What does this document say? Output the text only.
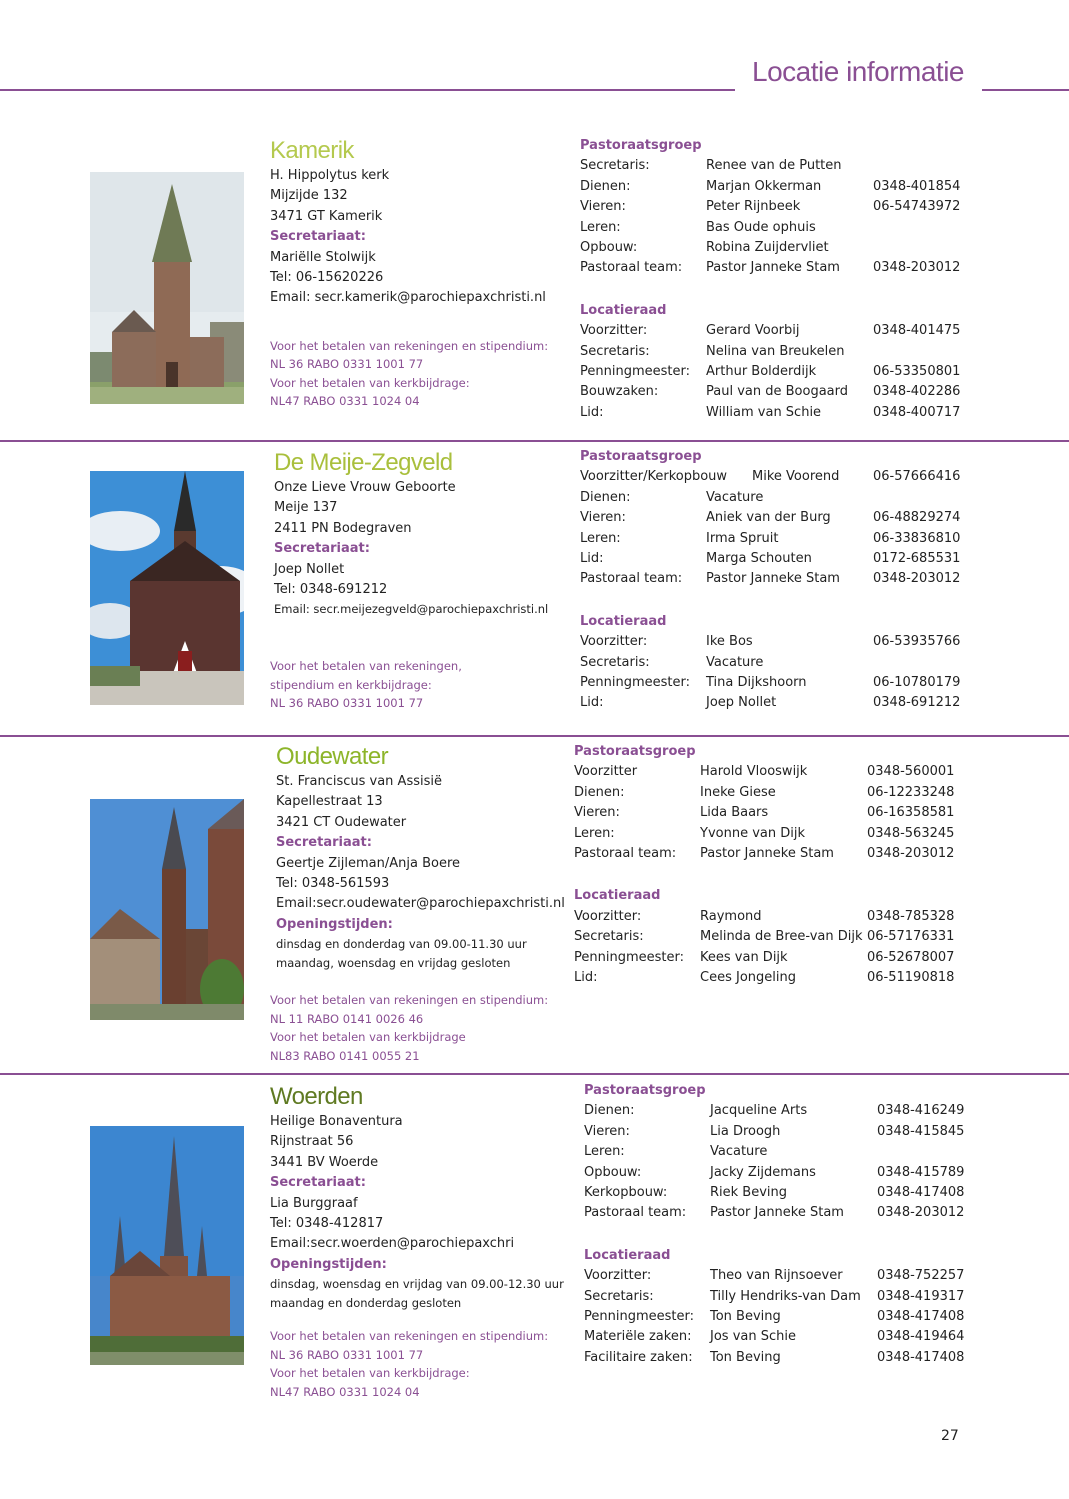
Locatie informatie
Kamerik
H. Hippolytus kerk
Mijzijde 132
3471 GT Kamerik
Secretariaat:
Mariëlle Stolwijk
Tel: 06-15620226
Email: secr.kamerik@parochiepaxchristi.nl
Voor het betalen van rekeningen en stipendium:
NL 36 RABO 0331 1001 77
Voor het betalen van kerkbijdrage:
NL47 RABO 0331 1024 04
Pastoraatsgroep
Secretaris:	Renee van de Putten
Dienen:	Marjan Okkerman	0348-401854
Vieren:	Peter Rijnbeek	06-54743972
Leren:	Bas Oude ophuis
Opbouw:	Robina Zuijdervliet
Pastoraal team: Pastor Janneke Stam	0348-203012
Locatieraad
Voorzitter:	Gerard Voorbij	0348-401475
Secretaris:	Nelina van Breukelen
Penningmeester: Arthur Bolderdijk	06-53350801
Bouwzaken:	Paul van de Boogaard 0348-402286
Lid:	William van Schie	0348-400717
De Meije-Zegveld
Onze Lieve Vrouw Geboorte
Meije 137
2411 PN Bodegraven
Secretariaat:
Joep Nollet
Tel: 0348-691212
Email: secr.meijezegveld@parochiepaxchristi.nl
Voor het betalen van rekeningen,
stipendium en kerkbijdrage:
NL 36 RABO 0331 1001 77
Pastoraatsgroep
Voorzitter/Kerkopbouw Mike Voorend	06-57666416
Dienen:	Vacature
Vieren:	Aniek van der Burg	06-48829274
Leren:	Irma Spruit	06-33836810
Lid:	Marga Schouten	0172-685531
Pastoraal team: Pastor Janneke Stam	0348-203012
Locatieraad
Voorzitter:	Ike Bos	06-53935766
Secretaris:	Vacature
Penningmeester: Tina Dijkshoorn	06-10780179
Lid:	Joep Nollet	0348-691212
Oudewater
St. Franciscus van Assisië
Kapellestraat 13
3421 CT Oudewater
Secretariaat:
Geertje Zijleman/Anja Boere
Tel: 0348-561593
Email:secr.oudewater@parochiepaxchristi.nl
Openingstijden:
dinsdag en donderdag van 09.00-11.30 uur
maandag, woensdag en vrijdag gesloten
Voor het betalen van rekeningen en stipendium:
NL 11 RABO 0141 0026 46
Voor het betalen van kerkbijdrage
NL83 RABO 0141 0055 21
Pastoraatsgroep
Voorzitter	Harold Vlooswijk	0348-560001
Dienen:	Ineke Giese	06-12233248
Vieren:	Lida Baars	06-16358581
Leren:	Yvonne van Dijk	0348-563245
Pastoraal team: Pastor Janneke Stam	0348-203012
Locatieraad
Voorzitter:	Raymond	0348-785328
Secretaris:	Melinda de Bree-van Dijk 06-57176331
Penningmeester: Kees van Dijk	06-52678007
Lid:	Cees Jongeling	06-51190818
Woerden
Heilige Bonaventura
Rijnstraat 56
3441 BV Woerde
Secretariaat:
Lia Burggraaf
Tel: 0348-412817
Email:secr.woerden@parochiepaxchri
Openingstijden:
dinsdag, woensdag en vrijdag van 09.00-12.30 uur
maandag en donderdag gesloten
Voor het betalen van rekeningen en stipendium:
NL 36 RABO 0331 1001 77
Voor het betalen van kerkbijdrage:
NL47 RABO 0331 1024 04
Pastoraatsgroep
Dienen:	Jacqueline Arts	0348-416249
Vieren:	Lia Droogh	0348-415845
Leren:	Vacature
Opbouw:	Jacky Zijdemans	0348-415789
Kerkopbouw:	Riek Beving	0348-417408
Pastoraal team: Pastor Janneke Stam	0348-203012
Locatieraad
Voorzitter:	Theo van Rijnsoever	0348-752257
Secretaris:	Tilly Hendriks-van Dam 0348-419317
Penningmeester: Ton Beving	0348-417408
Materiële zaken: Jos van Schie	0348-419464
Facilitaire zaken: Ton Beving	0348-417408
27
